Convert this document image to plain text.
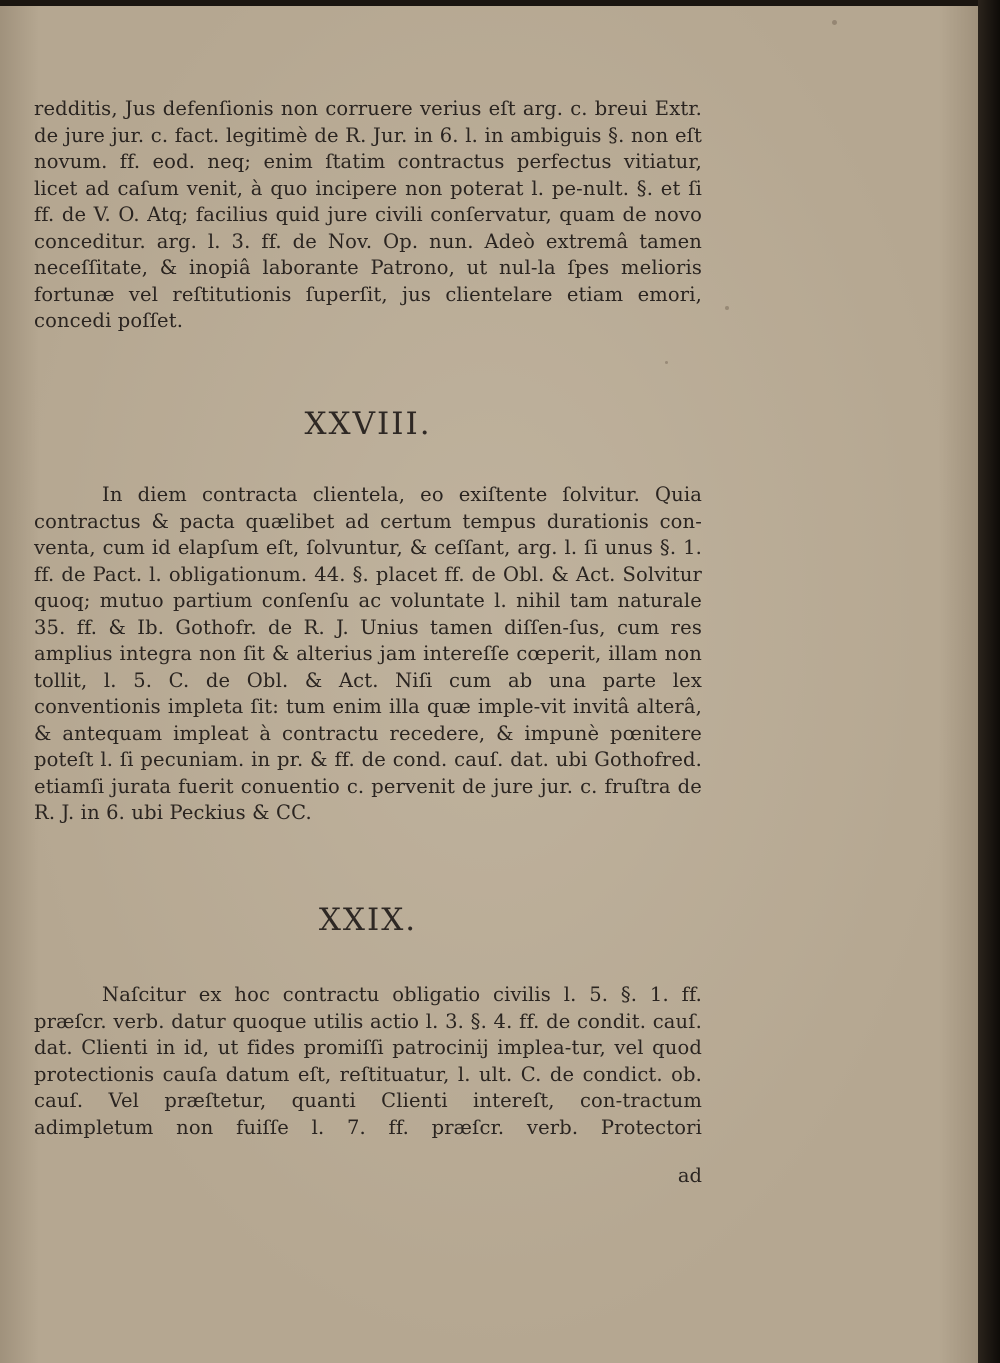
redditis, Jus defenſionis non corruere verius eſt arg. c. breui Extr. de jure jur. c. fact. legitimè de R. Jur. in 6. l. in ambiguis §. non eſt novum. ff. eod. neq; enim ſtatim contractus perfectus vitiatur, licet ad caſum venit, à quo incipere non poterat l. pe-nult. §. et ſi ff. de V. O. Atq; facilius quid jure civili conſervatur, quam de novo conceditur. arg. l. 3. ff. de Nov. Op. nun. Adeò extremâ tamen neceſſitate, & inopiâ laborante Patrono, ut nul-la ſpes melioris fortunæ vel reſtitutionis ſuperſit, jus clientelare etiam emori, concedi poſſet.
XXVIII.
In diem contracta clientela, eo exiſtente ſolvitur. Quia contractus & pacta quælibet ad certum tempus durationis con-venta, cum id elapſum eſt, ſolvuntur, & ceſſant, arg. l. ſi unus §. 1. ff. de Pact. l. obligationum. 44. §. placet ff. de Obl. & Act. Solvitur quoq; mutuo partium conſenſu ac voluntate l. nihil tam naturale 35. ff. & Ib. Gothofr. de R. J. Unius tamen diſſen-ſus, cum res amplius integra non ſit & alterius jam intereſſe cœperit, illam non tollit, l. 5. C. de Obl. & Act. Niſi cum ab una parte lex conventionis impleta ſit: tum enim illa quæ imple-vit invitâ alterâ, & antequam impleat à contractu recedere, & impunè pœnitere poteſt l. ſi pecuniam. in pr. & ff. de cond. cauſ. dat. ubi Gothofred. etiamſi jurata fuerit conuentio c. pervenit de jure jur. c. fruſtra de R. J. in 6. ubi Peckius & CC.
XXIX.
Naſcitur ex hoc contractu obligatio civilis l. 5. §. 1. ff. præſcr. verb. datur quoque utilis actio l. 3. §. 4. ff. de condit. cauſ. dat. Clienti in id, ut fides promiſſi patrocinij implea-tur, vel quod protectionis cauſa datum eſt, reſtituatur, l. ult. C. de condict. ob. cauſ. Vel præſtetur, quanti Clienti intereſt, con-tractum adimpletum non fuiſſe l. 7. ff. præſcr. verb. Protectori
ad
